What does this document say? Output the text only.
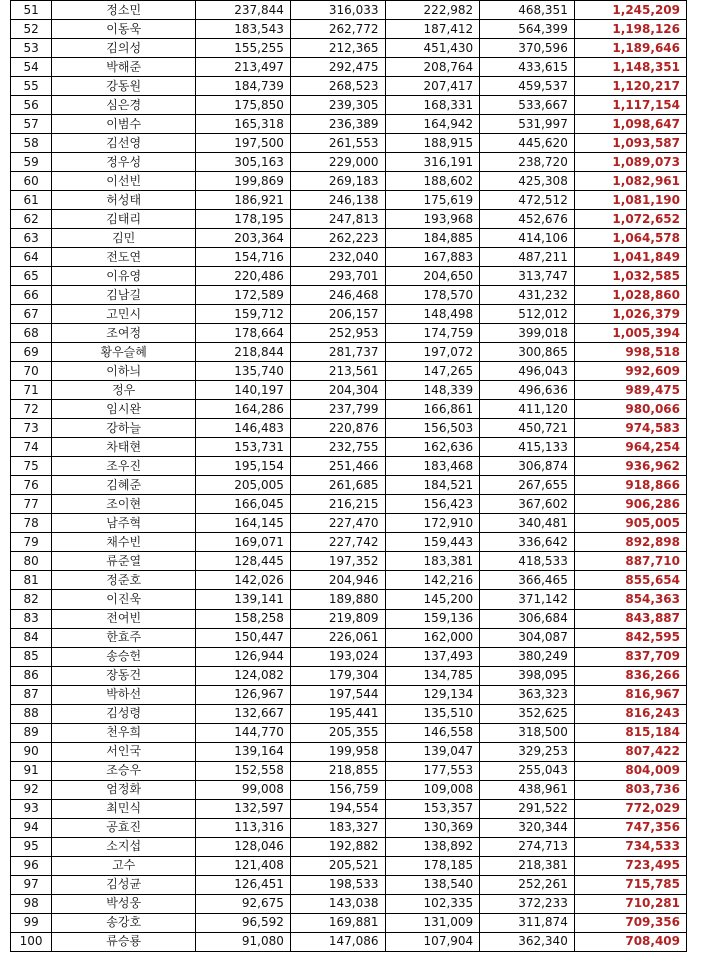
51	정소민	237,844	316,033	222,982	468,351	1,245,209
52	이동욱	183,543	262,772	187,412	564,399	1,198,126
53	김의성	155,255	212,365	451,430	370,596	1,189,646
54	박해준	213,497	292,475	208,764	433,615	1,148,351
55	강동원	184,739	268,523	207,417	459,537	1,120,217
56	심은경	175,850	239,305	168,331	533,667	1,117,154
57	이범수	165,318	236,389	164,942	531,997	1,098,647
58	김선영	197,500	261,553	188,915	445,620	1,093,587
59	정우성	305,163	229,000	316,191	238,720	1,089,073
60	이선빈	199,869	269,183	188,602	425,308	1,082,961
61	허성태	186,921	246,138	175,619	472,512	1,081,190
62	김태리	178,195	247,813	193,968	452,676	1,072,652
63	김민	203,364	262,223	184,885	414,106	1,064,578
64	전도연	154,716	232,040	167,883	487,211	1,041,849
65	이유영	220,486	293,701	204,650	313,747	1,032,585
66	김남길	172,589	246,468	178,570	431,232	1,028,860
67	고민시	159,712	206,157	148,498	512,012	1,026,379
68	조여정	178,664	252,953	174,759	399,018	1,005,394
69	황우슬혜	218,844	281,737	197,072	300,865	998,518
70	이하늬	135,740	213,561	147,265	496,043	992,609
71	정우	140,197	204,304	148,339	496,636	989,475
72	임시완	164,286	237,799	166,861	411,120	980,066
73	강하늘	146,483	220,876	156,503	450,721	974,583
74	차태현	153,731	232,755	162,636	415,133	964,254
75	조우진	195,154	251,466	183,468	306,874	936,962
76	김혜준	205,005	261,685	184,521	267,655	918,866
77	조이현	166,045	216,215	156,423	367,602	906,286
78	남주혁	164,145	227,470	172,910	340,481	905,005
79	채수빈	169,071	227,742	159,443	336,642	892,898
80	류준열	128,445	197,352	183,381	418,533	887,710
81	정준호	142,026	204,946	142,216	366,465	855,654
82	이진욱	139,141	189,880	145,200	371,142	854,363
83	전여빈	158,258	219,809	159,136	306,684	843,887
84	한효주	150,447	226,061	162,000	304,087	842,595
85	송승헌	126,944	193,024	137,493	380,249	837,709
86	장동건	124,082	179,304	134,785	398,095	836,266
87	박하선	126,967	197,544	129,134	363,323	816,967
88	김성령	132,667	195,441	135,510	352,625	816,243
89	천우희	144,770	205,355	146,558	318,500	815,184
90	서인국	139,164	199,958	139,047	329,253	807,422
91	조승우	152,558	218,855	177,553	255,043	804,009
92	엄정화	99,008	156,759	109,008	438,961	803,736
93	최민식	132,597	194,554	153,357	291,522	772,029
94	공효진	113,316	183,327	130,369	320,344	747,356
95	소지섭	128,046	192,882	138,892	274,713	734,533
96	고수	121,408	205,521	178,185	218,381	723,495
97	김성균	126,451	198,533	138,540	252,261	715,785
98	박성웅	92,675	143,038	102,335	372,233	710,281
99	송강호	96,592	169,881	131,009	311,874	709,356
100	류승룡	91,080	147,086	107,904	362,340	708,409
